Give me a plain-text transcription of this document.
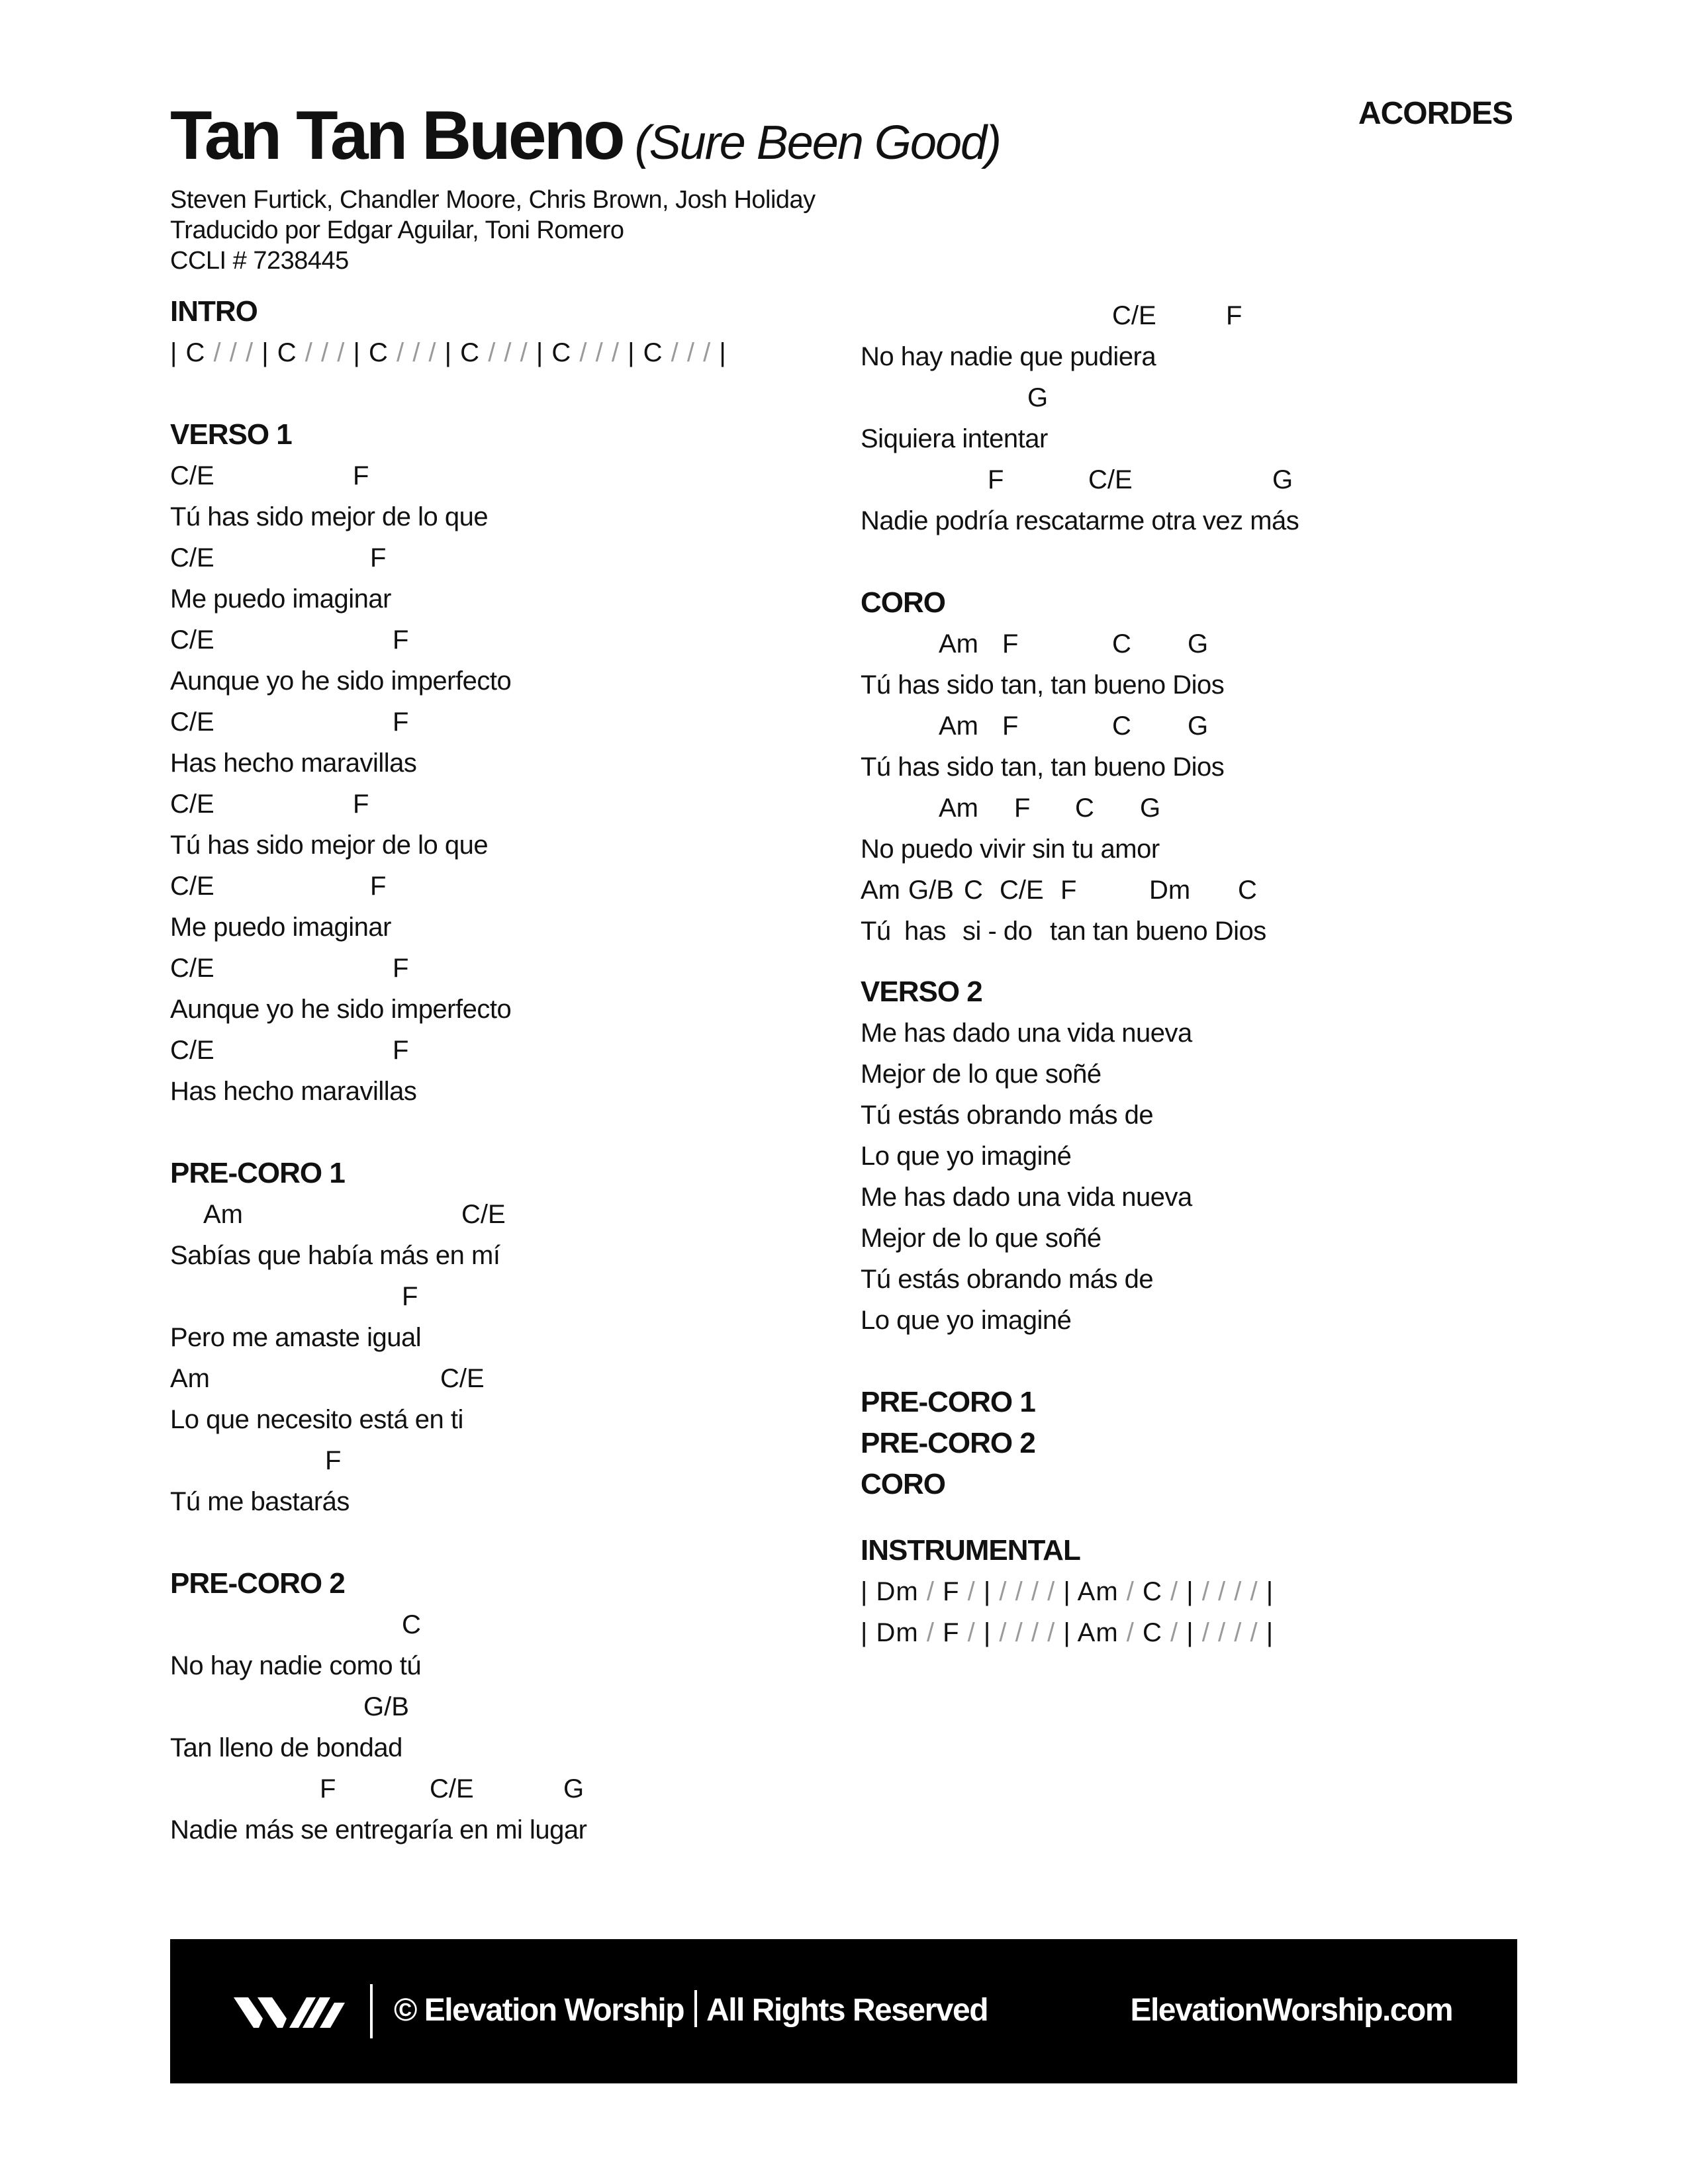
Tan Tan Bueno (Sure Been Good)
Steven Furtick, Chandler Moore, Chris Brown, Josh Holiday
Traducido por Edgar Aguilar, Toni Romero
CCLI # 7238445
ACORDES
INTRO
| C / / / | C / / / | C / / / | C / / / | C / / / | C / / / |
VERSO 1
C/E	F
Tú has sido mejor de lo que
C/E	F
Me puedo imaginar
C/E	F
Aunque yo he sido imperfecto
C/E	F
Has hecho maravillas
C/E	F
Tú has sido mejor de lo que
C/E	F
Me puedo imaginar
C/E	F
Aunque yo he sido imperfecto
C/E	F
Has hecho maravillas
PRE-CORO 1
Am	C/E
Sabías que había más en mí
F
Pero me amaste igual
Am	C/E
Lo que necesito está en ti
F
Tú me bastarás
PRE-CORO 2
C
No hay nadie como tú
G/B
Tan lleno de bondad
F	C/E	G
Nadie más se entregaría en mi lugar
C/E	F
No hay nadie que pudiera
G
Siquiera intentar
F	C/E	G
Nadie podría rescatarme otra vez más
CORO
Am F	C G
Tú has sido tan, tan bueno Dios
Am F	C G
Tú has sido tan, tan bueno Dios
Am F C G
No puedo vivir sin tu amor
Am G/B C C/E F	Dm C
Tú has si - do tan tan bueno Dios
VERSO 2
Me has dado una vida nueva
Mejor de lo que soñé
Tú estás obrando más de
Lo que yo imaginé
Me has dado una vida nueva
Mejor de lo que soñé
Tú estás obrando más de
Lo que yo imaginé
PRE-CORO 1
PRE-CORO 2
CORO
INSTRUMENTAL
| Dm / F / | / / / / | Am / C / | / / / / |
| Dm / F / | / / / / | Am / C / | / / / / |
© Elevation Worship All Rights Reserved	ElevationWorship.com
